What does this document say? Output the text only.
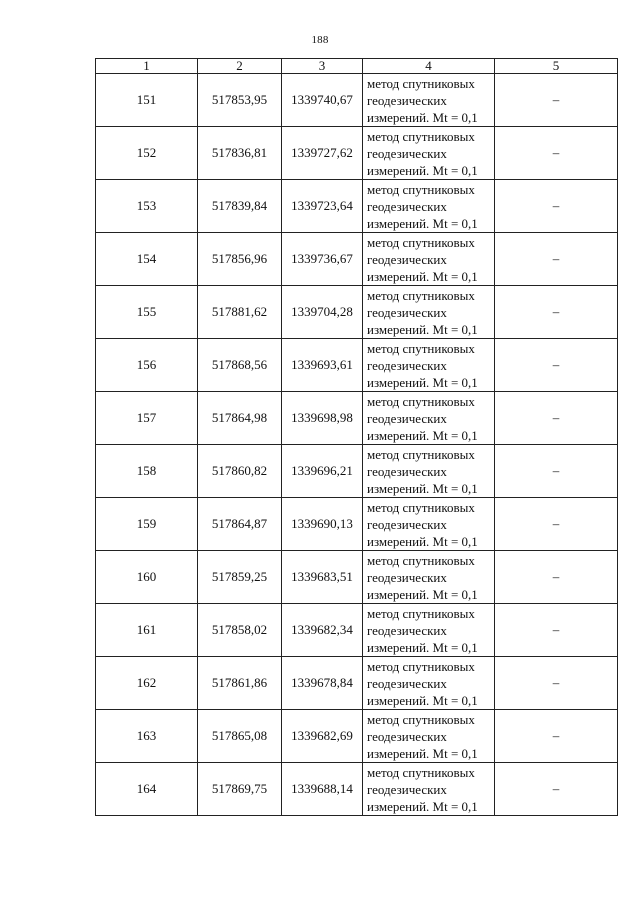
188
1	2	3	4	5
151	517853,95	1339740,67	метод спутниковых
геодезических
измерений. Mt = 0,1	–
152	517836,81	1339727,62	метод спутниковых
геодезических
измерений. Mt = 0,1	–
153	517839,84	1339723,64	метод спутниковых
геодезических
измерений. Mt = 0,1	–
154	517856,96	1339736,67	метод спутниковых
геодезических
измерений. Mt = 0,1	–
155	517881,62	1339704,28	метод спутниковых
геодезических
измерений. Mt = 0,1	–
156	517868,56	1339693,61	метод спутниковых
геодезических
измерений. Mt = 0,1	–
157	517864,98	1339698,98	метод спутниковых
геодезических
измерений. Mt = 0,1	–
158	517860,82	1339696,21	метод спутниковых
геодезических
измерений. Mt = 0,1	–
159	517864,87	1339690,13	метод спутниковых
геодезических
измерений. Mt = 0,1	–
160	517859,25	1339683,51	метод спутниковых
геодезических
измерений. Mt = 0,1	–
161	517858,02	1339682,34	метод спутниковых
геодезических
измерений. Mt = 0,1	–
162	517861,86	1339678,84	метод спутниковых
геодезических
измерений. Mt = 0,1	–
163	517865,08	1339682,69	метод спутниковых
геодезических
измерений. Mt = 0,1	–
164	517869,75	1339688,14	метод спутниковых
геодезических
измерений. Mt = 0,1	–
